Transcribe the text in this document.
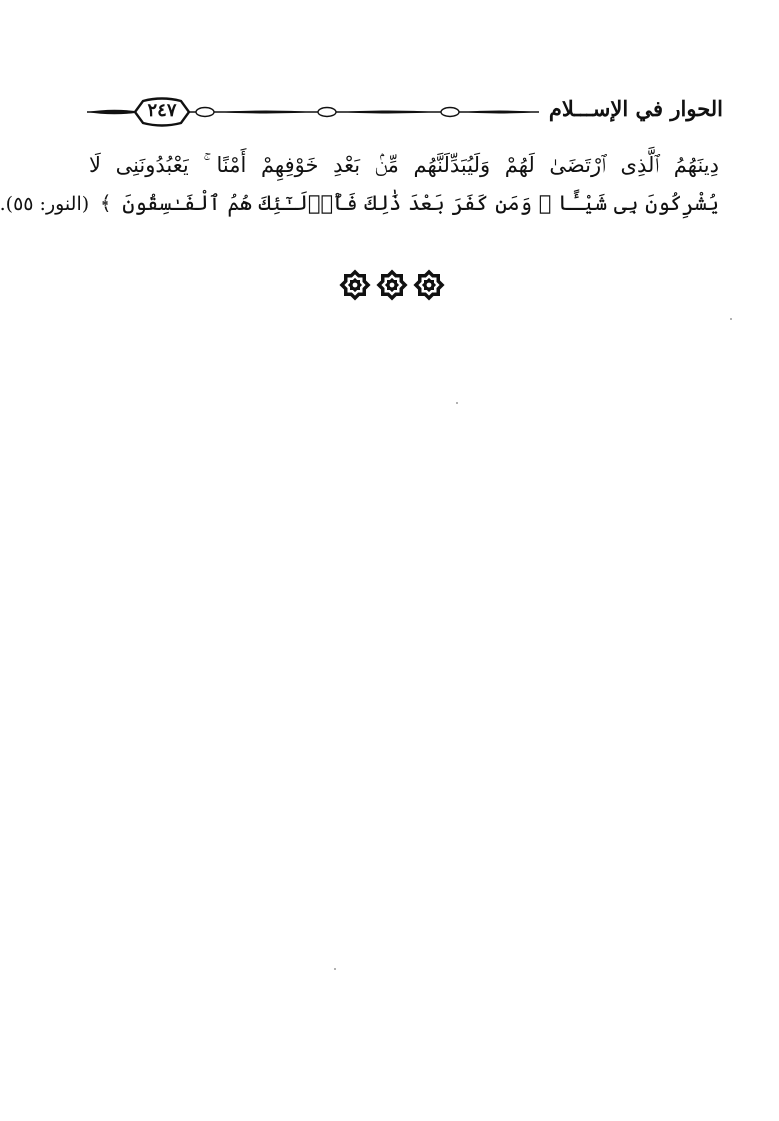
الحوار في الإســـلام
٢٤٧
دِينَهُمُ ٱلَّذِى ٱرْتَضَىٰ لَهُمْ وَلَيُبَدِّلَنَّهُم مِّنۢ بَعْدِ خَوْفِهِمْ أَمْنًا ۚ يَعْبُدُونَنِى لَا
يُشْرِكُونَ بِى شَيْـًٔا ۚ وَمَن كَفَرَ بَعْدَ ذَٰلِكَ فَأُو۟لَـٰٓئِكَ هُمُ ٱلْفَـٰسِقُونَ ﴾ (النور: ٥٥).
